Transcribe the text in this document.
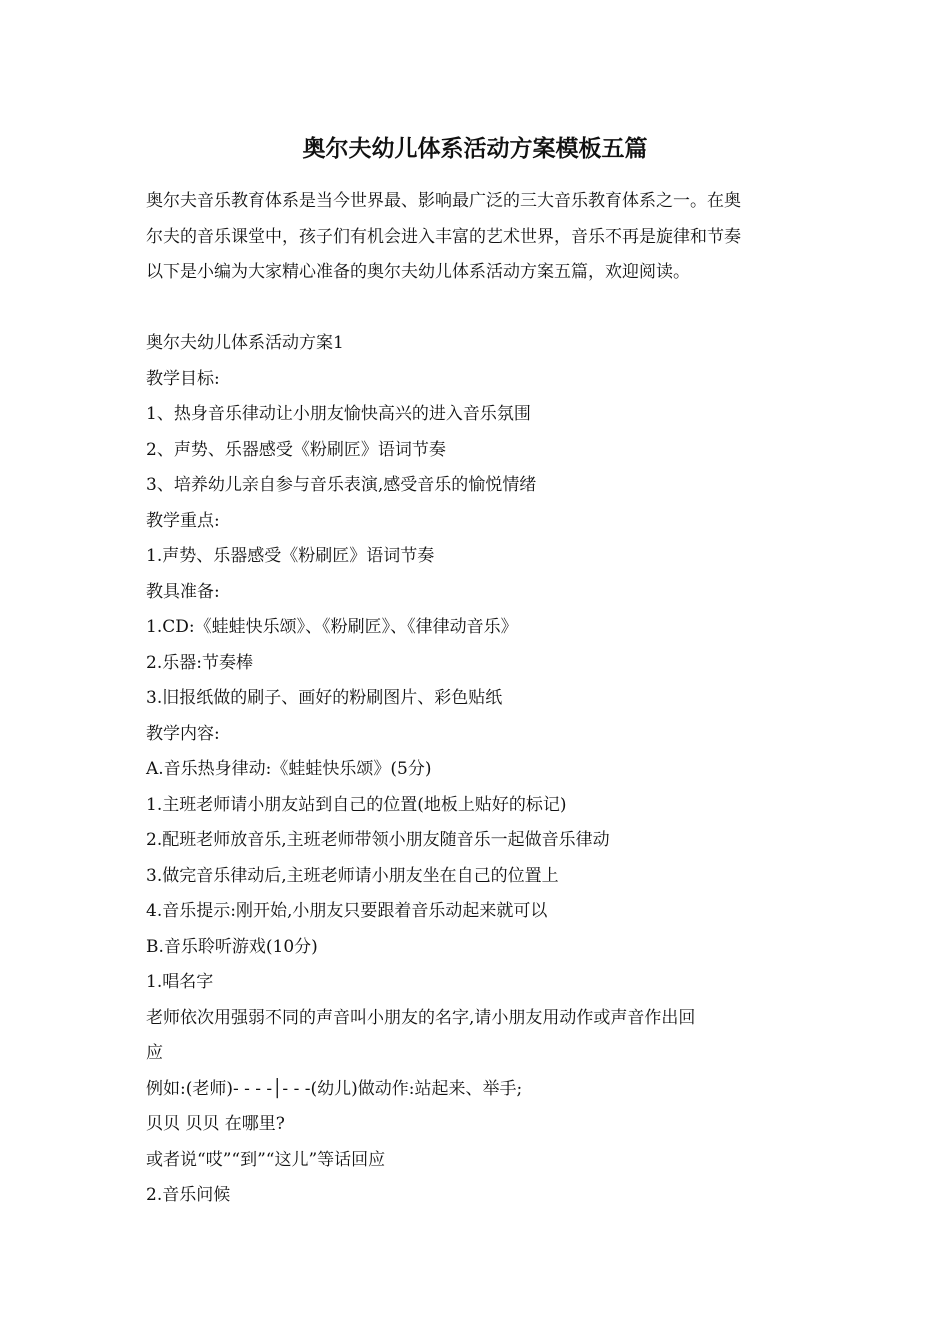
奥尔夫幼儿体系活动方案模板五篇
奥尔夫音乐教育体系是当今世界最、影响最广泛的三大音乐教育体系之一。在奥
尔夫的音乐课堂中，孩子们有机会进入丰富的艺术世界，音乐不再是旋律和节奏
以下是小编为大家精心准备的奥尔夫幼儿体系活动方案五篇，欢迎阅读。
奥尔夫幼儿体系活动方案1
教学目标:
1、热身音乐律动让小朋友愉快高兴的进入音乐氛围
2、声势、乐器感受《粉刷匠》语词节奏
3、培养幼儿亲自参与音乐表演,感受音乐的愉悦情绪
教学重点:
1.声势、乐器感受《粉刷匠》语词节奏
教具准备:
1.CD:《蛙蛙快乐颂》、《粉刷匠》、《律律动音乐》
2.乐器:节奏棒
3.旧报纸做的刷子、画好的粉刷图片、彩色贴纸
教学内容:
A.音乐热身律动:《蛙蛙快乐颂》(5分)
1.主班老师请小朋友站到自己的位置(地板上贴好的标记)
2.配班老师放音乐,主班老师带领小朋友随音乐一起做音乐律动
3.做完音乐律动后,主班老师请小朋友坐在自己的位置上
4.音乐提示:刚开始,小朋友只要跟着音乐动起来就可以
B.音乐聆听游戏(10分)
1.唱名字
老师依次用强弱不同的声音叫小朋友的名字,请小朋友用动作或声音作出回
应
例如:(老师)- - - -│- - -(幼儿)做动作:站起来、举手;
贝贝 贝贝 在哪里?
或者说“哎”“到”“这儿”等话回应
2.音乐问候
